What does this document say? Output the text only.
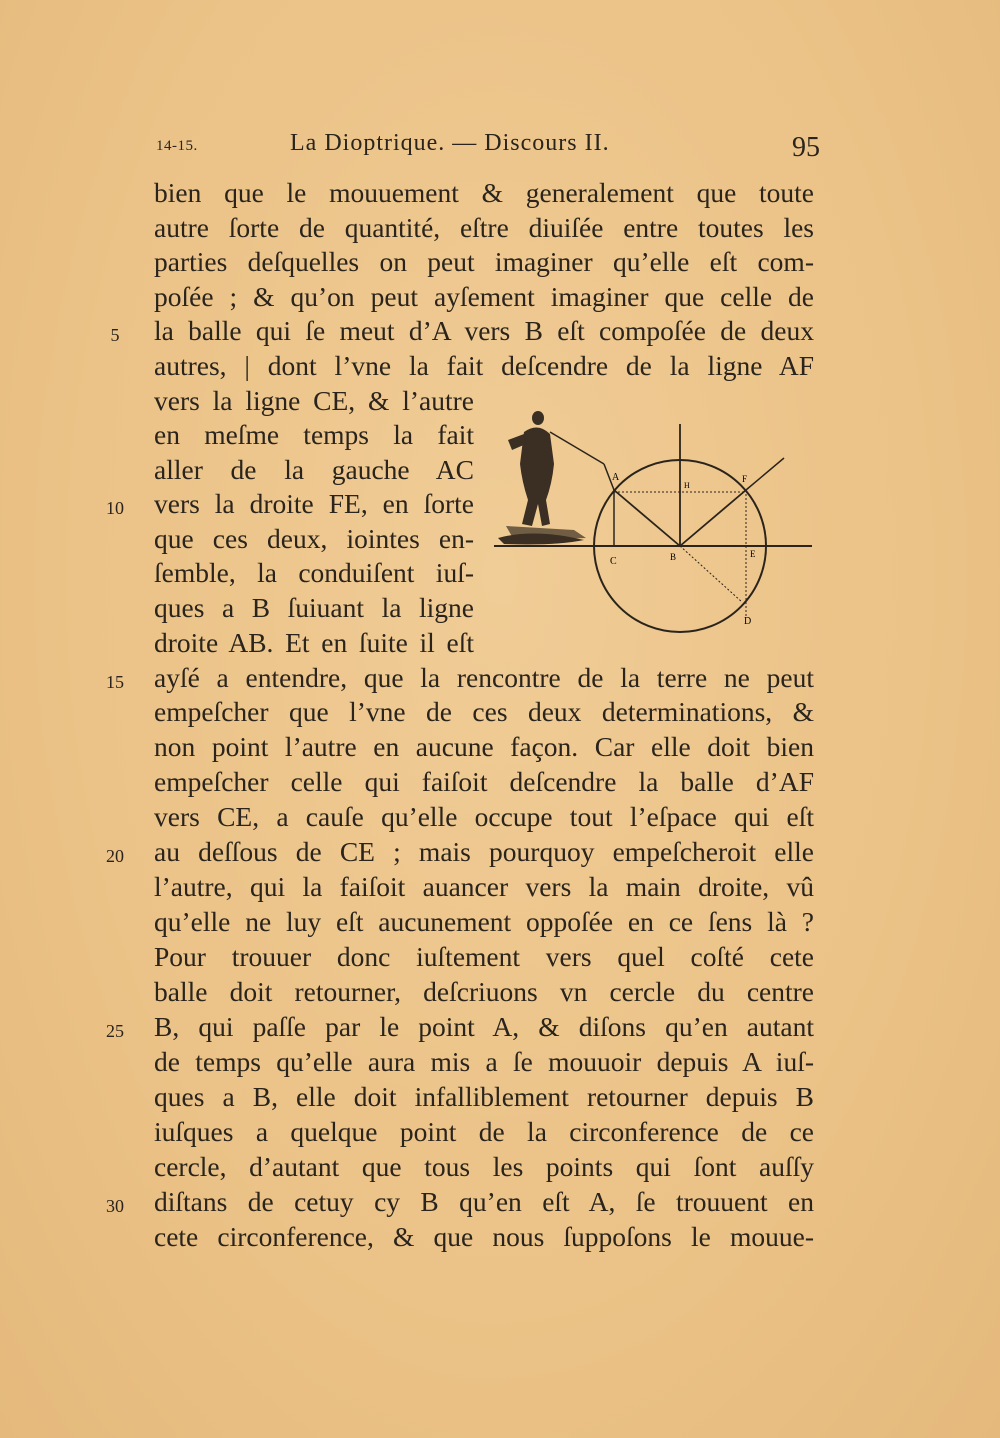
14-15.	La Dioptrique. — Discours II.	95
bien que le mouuement & generalement que toute
autre ſorte de quantité, eſtre diuiſée entre toutes les
parties deſquelles on peut imaginer qu’elle eſt com-
poſée ; & qu’on peut ayſement imaginer que celle de
la balle qui ſe meut d’A vers B eſt compoſée de deux
autres, | dont l’vne la fait deſcendre de la ligne AF
vers la ligne CE, & l’autre
en meſme temps la fait
aller de la gauche AC
vers la droite FE, en ſorte
que ces deux, iointes en-
ſemble, la conduiſent iuſ-
ques a B ſuiuant la ligne
droite AB. Et en ſuite il eſt
ayſé a entendre, que la rencontre de la terre ne peut
empeſcher que l’vne de ces deux determinations, &
non point l’autre en aucune façon. Car elle doit bien
empeſcher celle qui faiſoit deſcendre la balle d’AF
vers CE, a cauſe qu’elle occupe tout l’eſpace qui eſt
au deſſous de CE ; mais pourquoy empeſcheroit elle
l’autre, qui la faiſoit auancer vers la main droite, vû
qu’elle ne luy eſt aucunement oppoſée en ce ſens là ?
Pour trouuer donc iuſtement vers quel coſté cete
balle doit retourner, deſcriuons vn cercle du centre
B, qui paſſe par le point A, & diſons qu’en autant
de temps qu’elle aura mis a ſe mouuoir depuis A iuſ-
ques a B, elle doit infalliblement retourner depuis B
iuſques a quelque point de la circonference de ce
cercle, d’autant que tous les points qui ſont auſſy
diſtans de cetuy cy B qu’en eſt A, ſe trouuent en
cete circonference, & que nous ſuppoſons le mouue-
5
10
15
20
25
30
A
H
F
C	B	E
D
